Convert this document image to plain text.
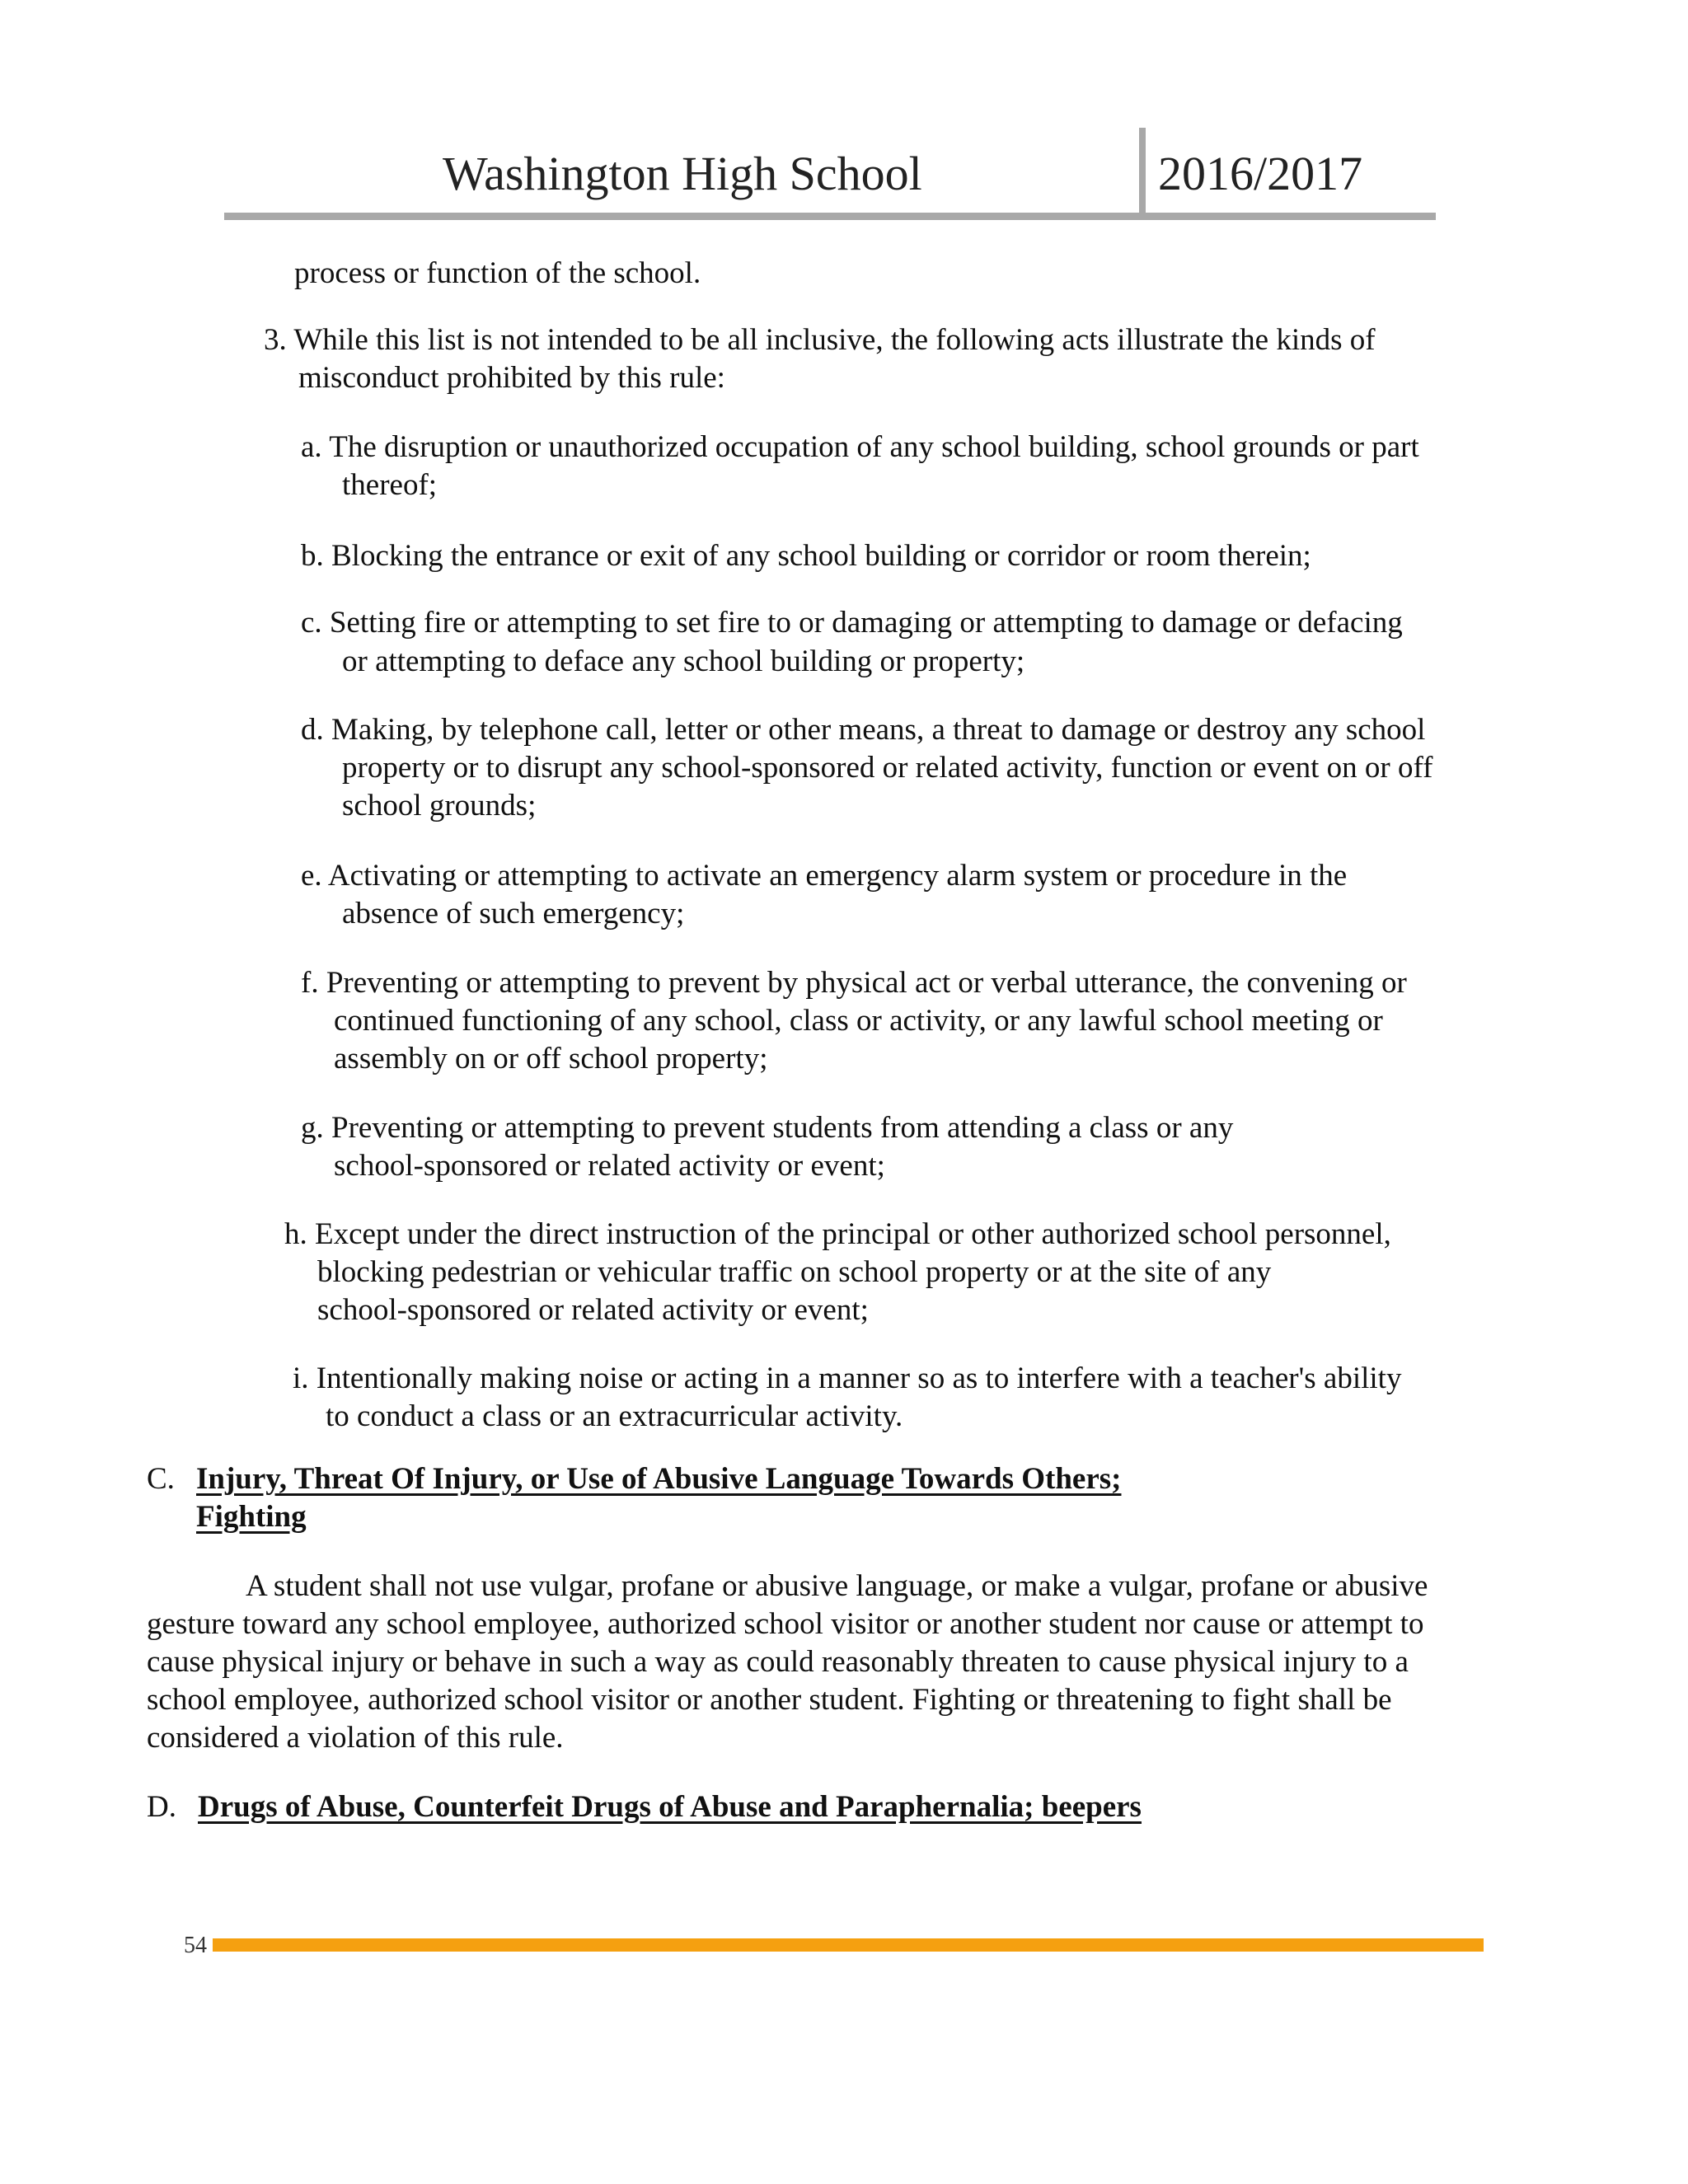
Washington High School	2016/2017
process or function of the school.
3. While this list is not intended to be all inclusive, the following acts illustrate the kinds of
misconduct prohibited by this rule:
a. The disruption or unauthorized occupation of any school building, school grounds or part
thereof;
b. Blocking the entrance or exit of any school building or corridor or room therein;
c. Setting fire or attempting to set fire to or damaging or attempting to damage or defacing
or attempting to deface any school building or property;
d. Making, by telephone call, letter or other means, a threat to damage or destroy any school
property or to disrupt any school-sponsored or related activity, function or event on or off
school grounds;
e. Activating or attempting to activate an emergency alarm system or procedure in the
absence of such emergency;
f. Preventing or attempting to prevent by physical act or verbal utterance, the convening or
continued functioning of any school, class or activity, or any lawful school meeting or
assembly on or off school property;
g. Preventing or attempting to prevent students from attending a class or any
school-sponsored or related activity or event;
h. Except under the direct instruction of the principal or other authorized school personnel,
blocking pedestrian or vehicular traffic on school property or at the site of any
school-sponsored or related activity or event;
i. Intentionally making noise or acting in a manner so as to interfere with a teacher's ability
to conduct a class or an extracurricular activity.
C. Injury, Threat Of Injury, or Use of Abusive Language Towards Others;
Fighting
A student shall not use vulgar, profane or abusive language, or make a vulgar, profane or abusive
gesture toward any school employee, authorized school visitor or another student nor cause or attempt to
cause physical injury or behave in such a way as could reasonably threaten to cause physical injury to a
school employee, authorized school visitor or another student. Fighting or threatening to fight shall be
considered a violation of this rule.
D. Drugs of Abuse, Counterfeit Drugs of Abuse and Paraphernalia; beepers
54
